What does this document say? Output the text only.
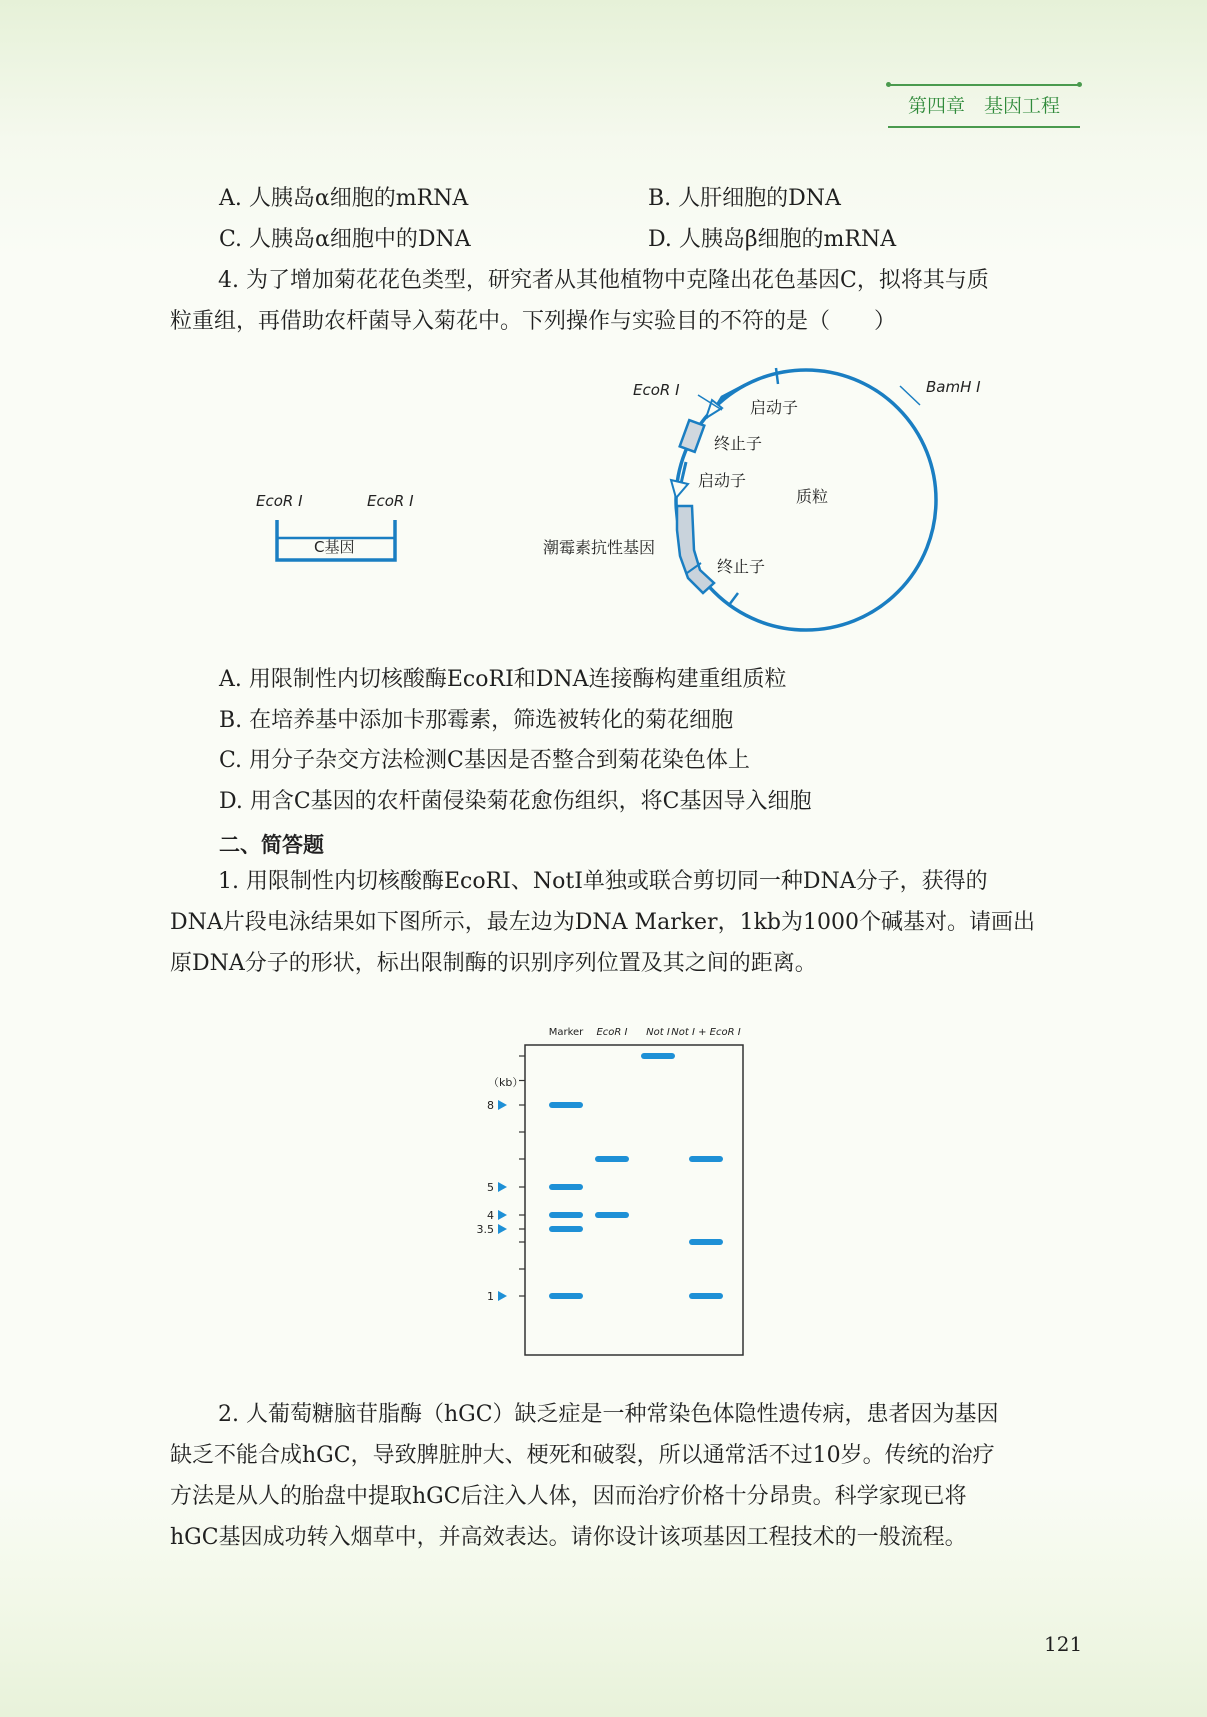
第四章　基因工程
A. 人胰岛α细胞的mRNA	B. 人肝细胞的DNA
C. 人胰岛α细胞中的DNA	D. 人胰岛β细胞的mRNA
4. 为了增加菊花花色类型，研究者从其他植物中克隆出花色基因C，拟将其与质
粒重组，再借助农杆菌导入菊花中。下列操作与实验目的不符的是（　　）
EcoR Ⅰ	EcoR Ⅰ
C基因
EcoR Ⅰ	BamH Ⅰ
启动子
终止子
启动子
质粒
潮霉素抗性基因
终止子
A. 用限制性内切核酸酶EcoRⅠ和DNA连接酶构建重组质粒
B. 在培养基中添加卡那霉素，筛选被转化的菊花细胞
C. 用分子杂交方法检测C基因是否整合到菊花染色体上
D. 用含C基因的农杆菌侵染菊花愈伤组织，将C基因导入细胞
二、简答题
1. 用限制性内切核酸酶EcoRⅠ、NotⅠ单独或联合剪切同一种DNA分子，获得的
DNA片段电泳结果如下图所示，最左边为DNA Marker，1kb为1000个碱基对。请画出
原DNA分子的形状，标出限制酶的识别序列位置及其之间的距离。
Marker EcoR Ⅰ Not Ⅰ Not Ⅰ + EcoR Ⅰ
（kb）
8
5
4
3.5
1
2. 人葡萄糖脑苷脂酶（hGC）缺乏症是一种常染色体隐性遗传病，患者因为基因
缺乏不能合成hGC，导致脾脏肿大、梗死和破裂，所以通常活不过10岁。传统的治疗
方法是从人的胎盘中提取hGC后注入人体，因而治疗价格十分昂贵。科学家现已将
hGC基因成功转入烟草中，并高效表达。请你设计该项基因工程技术的一般流程。
121
